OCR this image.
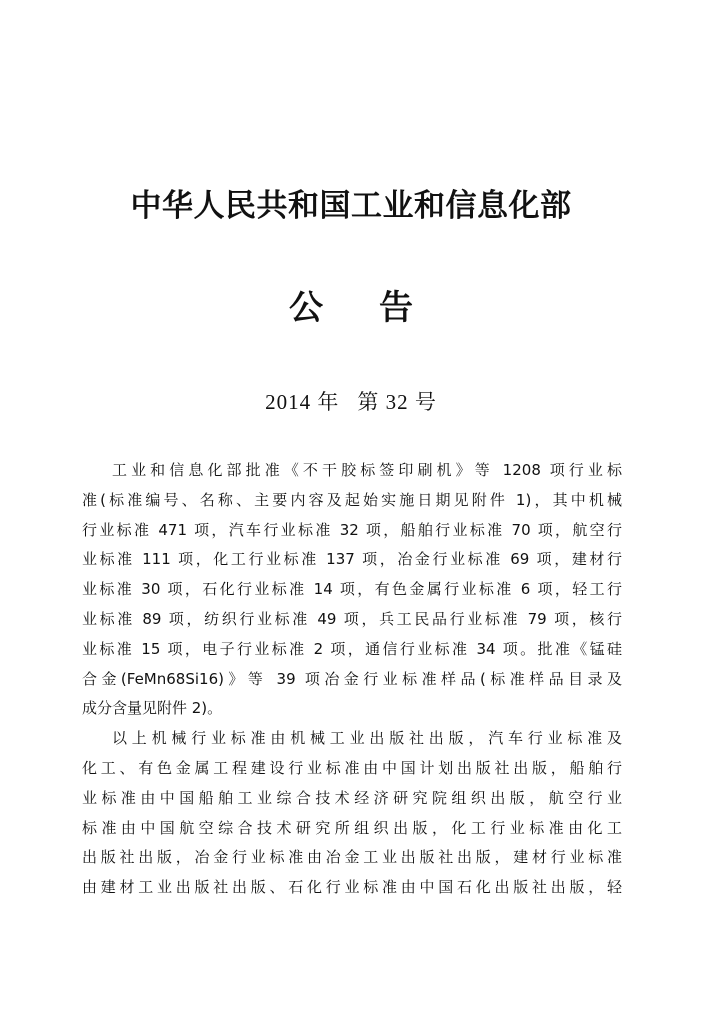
中华人民共和国工业和信息化部
公 告
2014 年 第 32 号
工业和信息化部批准《不干胶标签印刷机》等 1208 项行业标
准(标准编号、名称、主要内容及起始实施日期见附件 1)，其中机械
行业标准 471 项，汽车行业标准 32 项，船舶行业标准 70 项，航空行
业标准 111 项，化工行业标准 137 项，冶金行业标准 69 项，建材行
业标准 30 项，石化行业标准 14 项，有色金属行业标准 6 项，轻工行
业标准 89 项，纺织行业标准 49 项，兵工民品行业标准 79 项，核行
业标准 15 项，电子行业标准 2 项，通信行业标准 34 项。批准《锰硅
合金(FeMn68Si16)》等 39 项冶金行业标准样品(标准样品目录及
成分含量见附件 2)。
以上机械行业标准由机械工业出版社出版，汽车行业标准及
化工、有色金属工程建设行业标准由中国计划出版社出版，船舶行
业标准由中国船舶工业综合技术经济研究院组织出版，航空行业
标准由中国航空综合技术研究所组织出版，化工行业标准由化工
出版社出版，冶金行业标准由冶金工业出版社出版，建材行业标准
由建材工业出版社出版、石化行业标准由中国石化出版社出版，轻
